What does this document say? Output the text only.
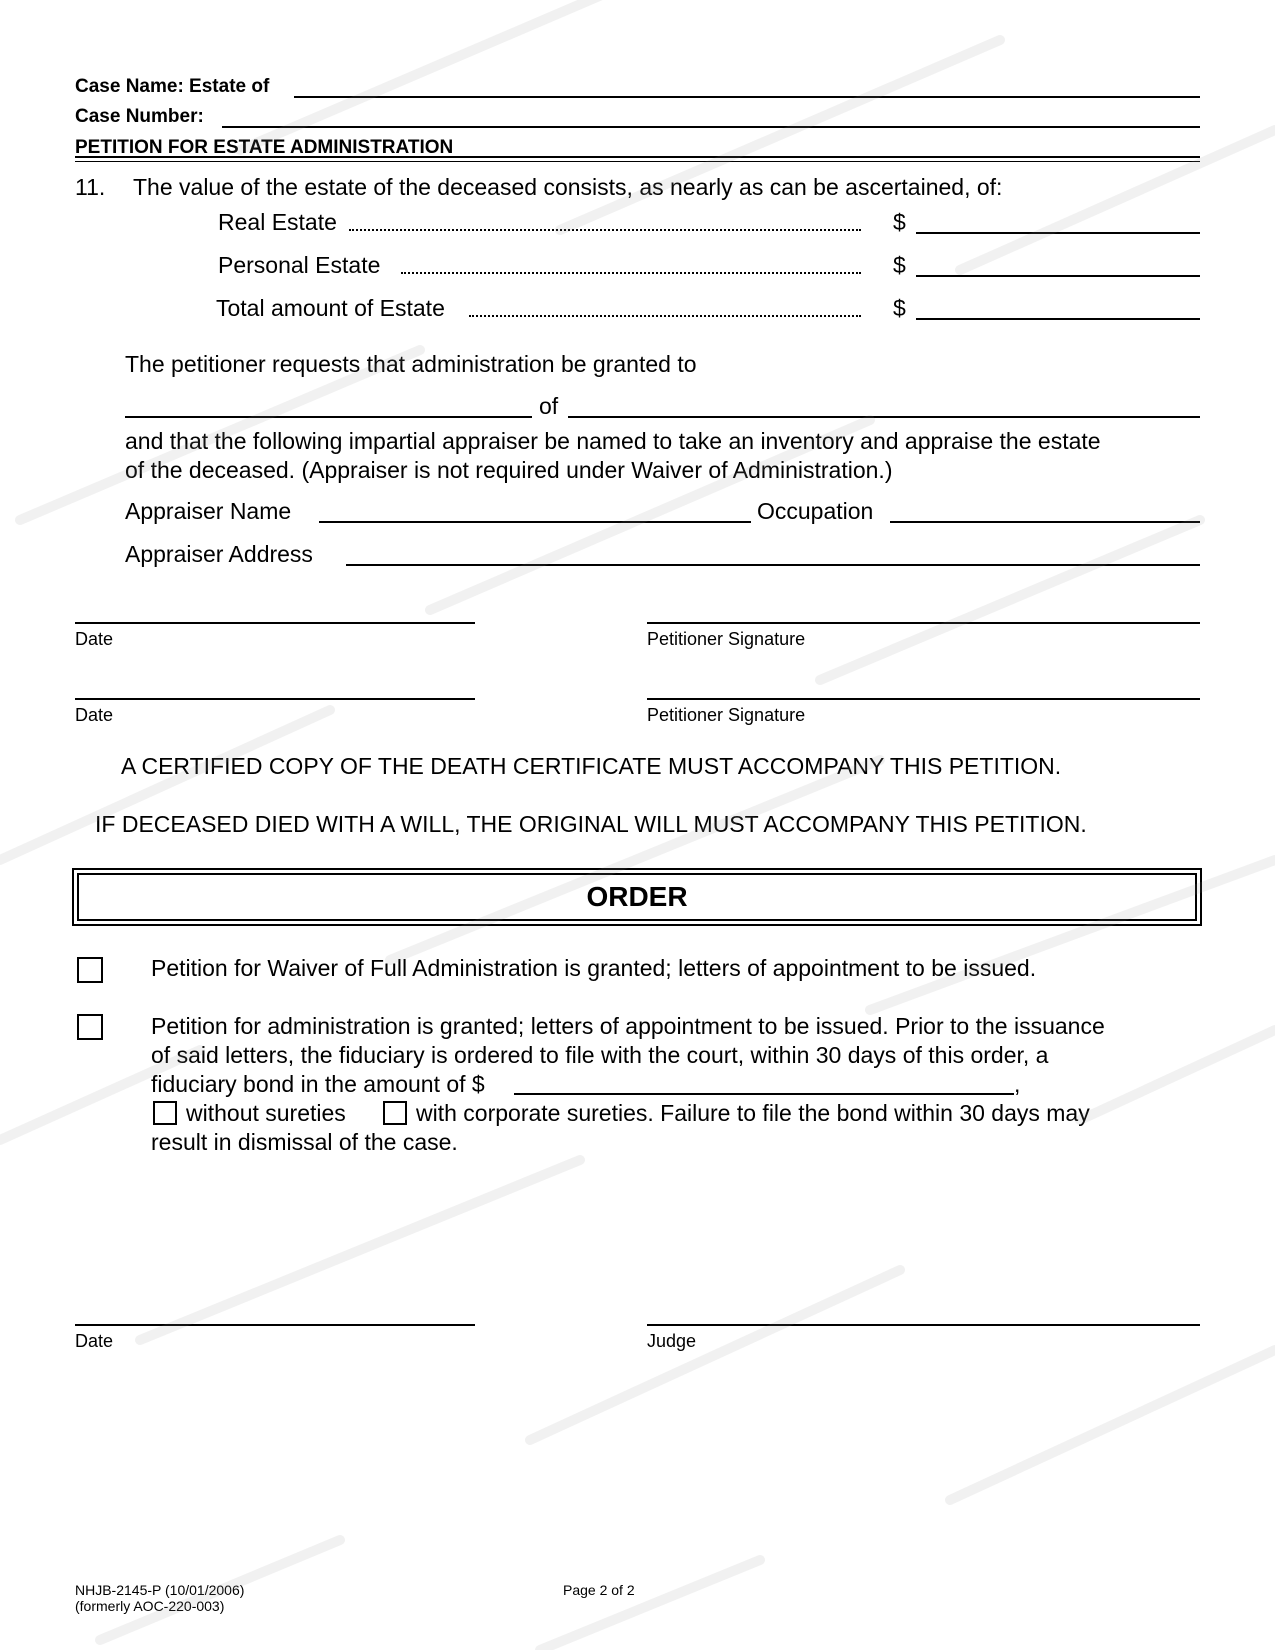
Case Name: Estate of
Case Number:
PETITION FOR ESTATE ADMINISTRATION
11. The value of the estate of the deceased consists, as nearly as can be ascertained, of:
Real Estate	$
Personal Estate	$
Total amount of Estate	$
The petitioner requests that administration be granted to
of
and that the following impartial appraiser be named to take an inventory and appraise the estate
of the deceased. (Appraiser is not required under Waiver of Administration.)
Appraiser Name	Occupation
Appraiser Address
Date	Petitioner Signature
Date	Petitioner Signature
A CERTIFIED COPY OF THE DEATH CERTIFICATE MUST ACCOMPANY THIS PETITION.
IF DECEASED DIED WITH A WILL, THE ORIGINAL WILL MUST ACCOMPANY THIS PETITION.
ORDER
Petition for Waiver of Full Administration is granted; letters of appointment to be issued.
Petition for administration is granted; letters of appointment to be issued. Prior to the issuance
of said letters, the fiduciary is ordered to file with the court, within 30 days of this order, a
fiduciary bond in the amount of $	,
without sureties	with corporate sureties. Failure to file the bond within 30 days may
result in dismissal of the case.
Date	Judge
NHJB-2145-P (10/01/2006)
(formerly AOC-220-003)
Page 2 of 2
